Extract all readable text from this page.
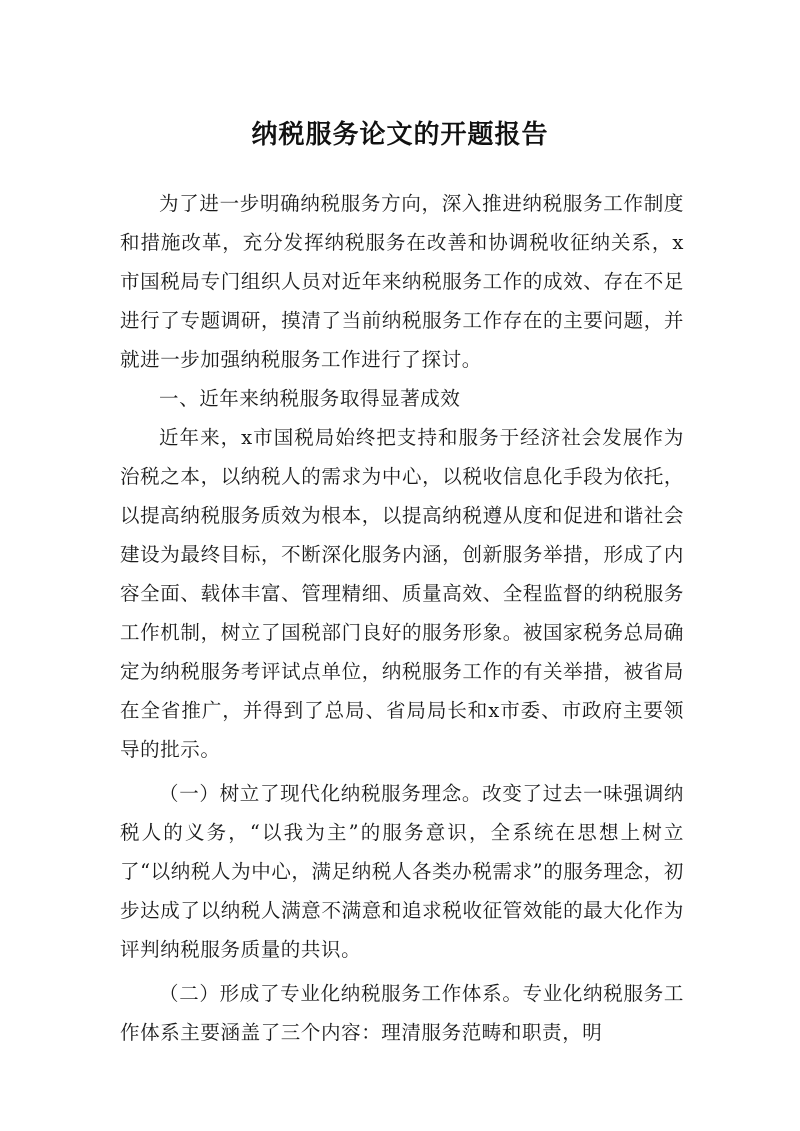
纳税服务论文的开题报告

为了进一步明确纳税服务方向，深入推进纳税服务工作制度和措施改革，充分发挥纳税服务在改善和协调税收征纳关系，x市国税局专门组织人员对近年来纳税服务工作的成效、存在不足进行了专题调研，摸清了当前纳税服务工作存在的主要问题，并就进一步加强纳税服务工作进行了探讨。

一、近年来纳税服务取得显著成效

近年来，x市国税局始终把支持和服务于经济社会发展作为治税之本，以纳税人的需求为中心，以税收信息化手段为依托，以提高纳税服务质效为根本，以提高纳税遵从度和促进和谐社会建设为最终目标，不断深化服务内涵，创新服务举措，形成了内容全面、载体丰富、管理精细、质量高效、全程监督的纳税服务工作机制，树立了国税部门良好的服务形象。被国家税务总局确定为纳税服务考评试点单位，纳税服务工作的有关举措，被省局在全省推广，并得到了总局、省局局长和x市委、市政府主要领导的批示。

（一）树立了现代化纳税服务理念。改变了过去一味强调纳税人的义务，“以我为主”的服务意识，全系统在思想上树立了“以纳税人为中心，满足纳税人各类办税需求”的服务理念，初步达成了以纳税人满意不满意和追求税收征管效能的最大化作为评判纳税服务质量的共识。

（二）形成了专业化纳税服务工作体系。专业化纳税服务工作体系主要涵盖了三个内容：理清服务范畴和职责，明
